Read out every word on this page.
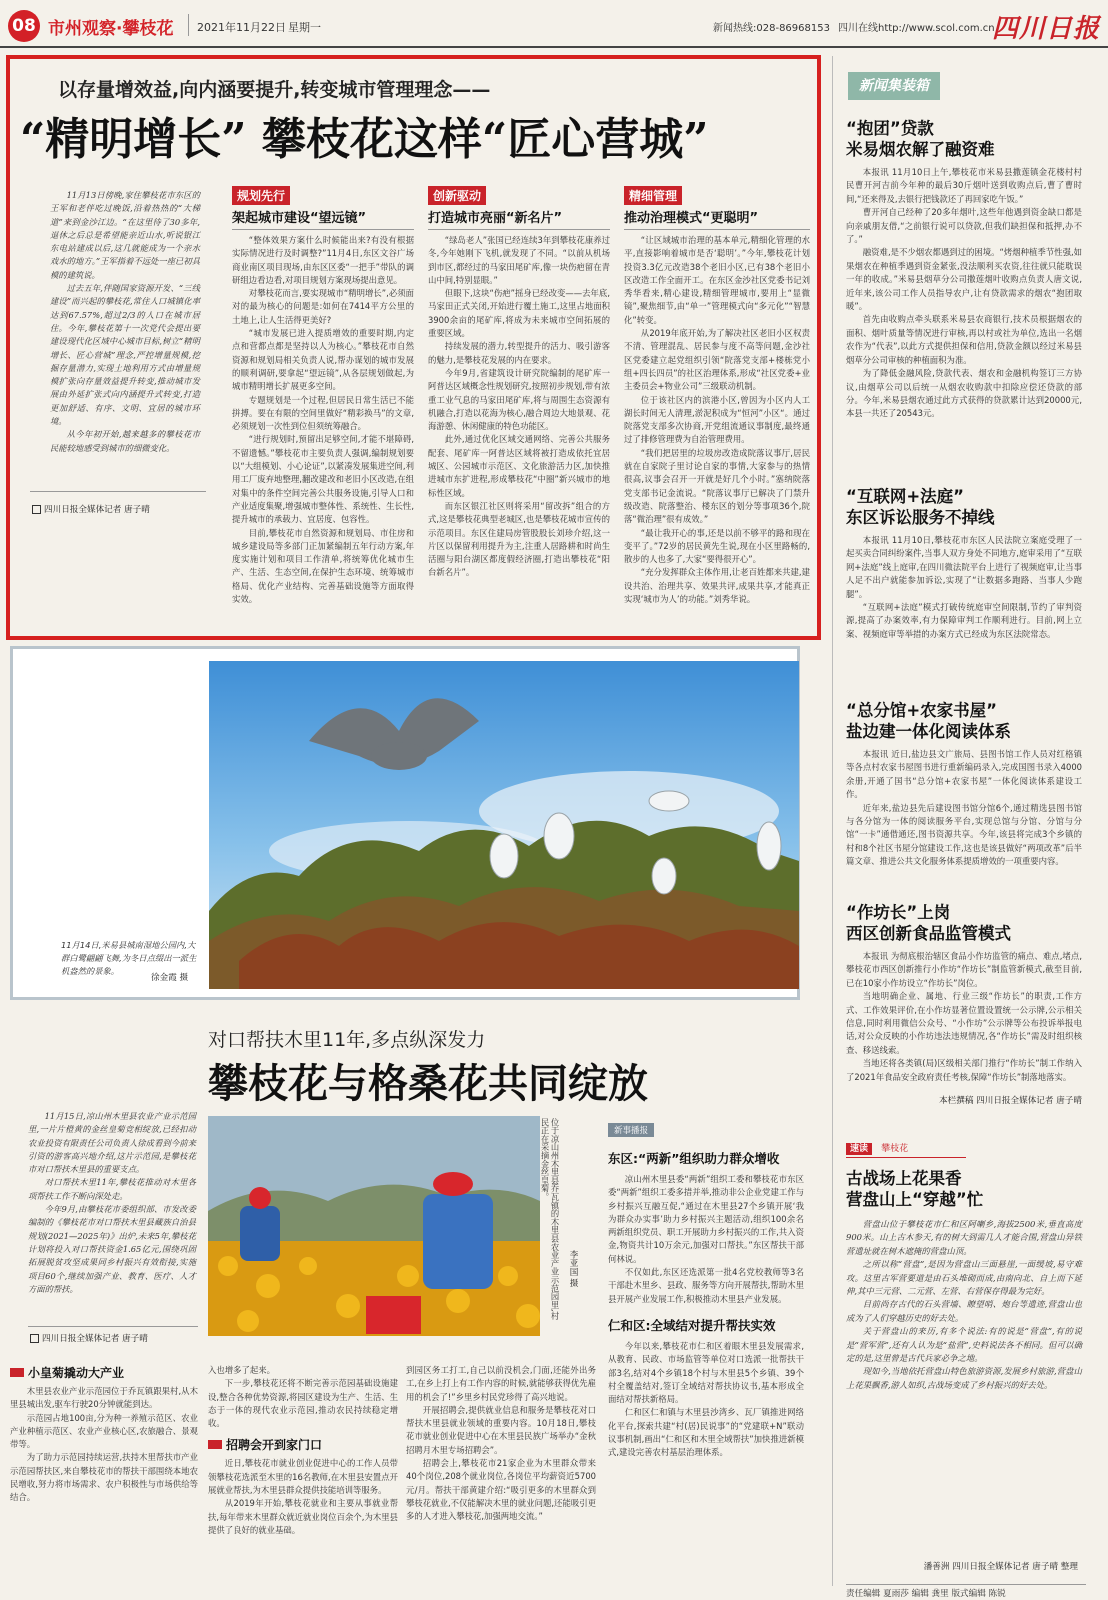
08 市州观察·攀枝花 2021年11月22日 星期一	新闻热线:028-86968153 四川在线http://www.scol.com.cn
四川日报
以存量增效益,向内涵要提升,转变城市管理理念——
“精明增长” 攀枝花这样“匠心营城”

11月13日傍晚,家住攀枝花市东区的王军和老伴吃过晚饭,沿着热热的“大梯道”来到金沙江边。“在这里待了30多年,退休之后总是希望能亲近山水,听说银江东电站建成以后,这几就能成为一个亲水戏水的地方。”王军指着不远处一座已初具模的建筑说。

过去五年,伴随国家资源开发、“三线建设”而兴起的攀枝花,常住人口城镇化率达到67.57%,超过2/3的人口在城市居住。今年,攀枝花第十一次党代会提出要建设现代化区域中心城市目标,树立“精明增长、匠心营城”理念,严控增量规模,挖掘存量潜力,实现土地利用方式由增量规模扩张向存量效益提升转变,推动城市发展由外延扩张式向内涵提升式转变,打造更加舒适、有序、文明、宜居的城市环境。

从今年初开始,越来越多的攀枝花市民能较地感受到城市的细微变化。

四川日报全媒体记者 唐子晴
规划先行
架起城市建设“望远镜”

“整体效果方案什么时候能出来?有没有根据实际情况进行及时调整?”11月4日,东区文谷广场商业南区项目现场,由东区区委“一把手”带队的调研组边看边看,对项目规划方案现场提出意见。

对攀枝花而言,要实现城市“精明增长”,必须面对的最为核心的问题是:如何在7414平方公里的土地上,让人生活得更美好?

“城市发展已进入提质增效的重要时期,内定点和营都点都是坚持以人为核心。”攀枝花市自然资源和规划局相关负责人说,帮办谋划的城市发展的顺利调研,要拿起“望远镜”,从各层规划做起,为城市精明增长扩展更多空间。

专题规划是一个过程,但居民日常生活已不能拼搏。要在有限的空间里做好“精彩换马”的文章,必须规划一次性到位但须统筹融合。

“进行规划时,预留出足够空间,才能不堪障碍,不留遗憾。”攀枝花市主要负责人强调,编制规划要以“大组模划、小心论证”,以紧凑发展集进空间,利用工厂废弃地整理,翻改建改和老旧小区改造,在组对集中的条件空间完善公共服务设施,引导人口和产业适度集聚,增强城市整体性、系统性、生长性,提升城市的承载力、宜居度、包容性。

目前,攀枝花市自然资源和规划局、市住房和城乡建设局等多部门正加紧编制五年行动方案,年度实施计划和项目工作清单,将统筹优化城市生产、生活、生态空间,在保护生态环境、统筹城市格局、优化产业结构、完善基础设施等方面取得实效。

创新驱动
打造城市亮丽“新名片”

“绿岛老人”张国已经连续3年到攀枝花康养过冬,今年她刚下飞机,就发现了不同。“以前从机场到市区,都经过的马家田尾矿库,像一块伤疤留在青山中间,特别显眼。”

但眼下,这块“伤疤”摇身已经改变——去年底,马家田正式关闭,开始进行覆土施工,这里占地面积3900余亩的尾矿库,将成为未来城市空间拓展的重要区域。

持续发展的潜力,转型提升的活力、吸引游客的魅力,是攀枝花发展的内在要求。

今年9月,省建筑设计研究院编制的尾矿库一阿普达区域概念性规划研究,按照初步规划,带有浓重工业气息的马家田尾矿库,将与周围生态资源有机融合,打造以花海为核心,融合周边大地景观、花海游憩、休闲健康的特色功能区。

此外,通过优化区域交通网络、完善公共服务配套、尾矿库一阿普达区域将被打造成依托宜居城区、公园城市示范区、文化旅游活力区,加快推进城市东扩进程,形成攀枝花“中圈”新兴城市的地标性区域。

而东区银江社区则将采用“留改拆”组合的方式,这是攀枝花典型老城区,也是攀枝花城市宣传的示范项目。东区住建局房管股股长刘珍介绍,这一片区以保留利用提升为主,注重人居路耕和时尚生活圈与阳台湖区都度假经济圈,打造出攀枝花“阳台新名片”。

精细管理
推动治理模式“更聪明”

“让区域城市治理的基本单元,精细化管理的水平,直接影响着城市是否‘聪明’。”今年,攀枝花计划投资3.3亿元改造38个老旧小区,已有38个老旧小区改造工作全面开工。在东区金沙社区党委书记刘秀华看来,精心建设,精细管理城市,要用上“显微镜”,聚焦细节,由“单一”管理模式向“多元化”“智慧化”转变。

从2019年底开始,为了解决社区老旧小区权责不清、管理混乱、居民参与度不高等问题,金沙社区党委建立起党组织引领“院落党支部+楼栋党小组+四长四员”的社区治理体系,形成“社区党委+业主委员会+物业公司”三级联动机制。

位于该社区内的滨港小区,曾因为小区内人工湖长时间无人清理,淤泥积成为“恒河”小区“。通过院落党支部多次协商,开党组流通议事制度,最终通过了排修管理费为自治管理费用。

“我们把居里的垃圾房改造成院落议事厅,居民就在自家院子里讨论自家的事情,大家参与的热情很高,议事会召开一开就是好几个小时。”塞纳院落党支部书记金流说。“院落议事厅已解决了门禁升级改造、院落整治、楼东区的划分等事项36个,院落“微治理”很有成效。”

“最让我开心的事,还是以前不够平的路和现在变平了。”72岁的居民黄先生说,现在小区里路畅的,散步的人也多了,大家“要得很开心”。

“充分发挥群众主体作用,让老百姓都来共建,建设共治、治理共享、效果共评,成果共享,才能真正实现‘城市为人’的功能。”刘秀华说。

11月14日,米易县城南湿地公园内,大群白鹭翩翩飞舞,为冬日点缀出一派生机盎然的景象。
徐金霞 摄
对口帮扶木里11年,多点纵深发力
攀枝花与格桑花共同绽放

11月15日,凉山州木里县农业产业示范园里,一片片橙黄的金丝皇菊竞相绽放,已经扣动农业投资有限责任公司负责人徐成看到今前来引资的游客高兴地介绍,这片示范园,是攀枝花市对口帮扶木里县的重要支点。

对口帮扶木里11年,攀枝花推动对木里各项帮扶工作不断向深处走。

今年9月,由攀枝花市委组织部、市发改委编制的《攀枝花市对口帮扶木里县藏族自治县规划(2021—2025年)》出炉,未来5年,攀枝花计划将投入对口帮扶资金1.65亿元,围绕巩固拓展脱贫攻坚成果同乡村振兴有效衔接,实施项目60个,继续加强产业、教育、医疗、人才方面的帮扶。

四川日报全媒体记者 唐子晴
位于凉山州木里县乔瓦镇的木里县农业产业示范园里,村民正在采摘金丝皇菊。
李亚国 摄
小皇菊撬动大产业

木里县农业产业示范园位于乔瓦镇跟果村,从木里县城出发,驱车行驶20分钟就能到达。

示范园占地100亩,分为种一养殖示范区、农业产业种植示范区、农业产业核心区,农旅融合、景观带等。

为了助力示范园持续运营,扶持木里帮扶市产业示范园帮扶区,来自攀枝花市的帮扶干部围绕本地农民增收,努力将市场需求、农户积极性与市场供给等结合。

入也增多了起来。

下一步,攀枝花还将不断完善示范园基础设施建设,整合各种优势资源,将园区建设为生产、生活、生态于一体的现代农业示范园,推动农民持续稳定增收。

招聘会开到家门口

近日,攀枝花市就业创业促进中心的工作人员带领攀枝花选派至木里的16名教师,在木里县安置点开展就业帮扶,为木里县群众提供技能培训等服务。

从2019年开始,攀枝花就业和主要从事就业帮扶,每年带来木里群众就近就业岗位百余个,为木里县提供了良好的就业基础。

到园区务工打工,自己以前没机会,门面,还能外出务工,在乡上打上有工作内容的时候,就能够获得优先雇用的机会了!”乡里乡村民党珍得了高兴地说。

开展招聘会,提供就业信息和服务是攀枝花对口帮扶木里县就业领域的重要内容。10月18日,攀枝花市就业创业促进中心在木里县民族广场举办“金秋招聘月木里专场招聘会”。

招聘会上,攀枝花市21家企业为木里群众带来40个岗位,208个就业岗位,各岗位平均薪资近5700元/月。帮扶干部黄建介绍:“吸引更多的木里群众到攀枝花就业,不仅能解决木里的就业问题,还能吸引更多的人才进入攀枝花,加强两地交流。”

新事播报
东区:“两新”组织助力群众增收

凉山州木里县委“两新”组织工委和攀枝花市东区委“两新”组织工委多措并举,推动非公企业党建工作与乡村振兴互融互促,“通过在木里县27个乡镇开展‘我为群众办实事’助力乡村振兴主题活动,组织100余名两新组织党员、职工开展助力乡村振兴的工作,共入资金,物资共计10万余元,加强对口帮扶。”东区帮扶干部何林说。

不仅如此,东区还选派第一批4名党校教师等3名干部赴木里乡、县政、服务等方向开展帮扶,帮助木里县开展产业发展工作,积极推动木里县产业发展。

仁和区:全域结对提升帮扶实效

今年以来,攀枝花市仁和区着眼木里县发展需求,从教育、民政、市场监管等单位对口选派一批帮扶干部3名,结对4个乡镇18个村与木里县5个乡镇、39个村全覆盖结对,签订全域结对帮扶协议书,基本形成全面结对帮扶新格局。

仁和区仁和镇与木里县沙湾乡、瓦厂镇推进网络化平台,探索共建“村(居)民说事”的“党建联+N”联动议事机制,画出“仁和区和木里全域帮扶”加快推进新模式,建设完善农村基层治理体系。

新闻集装箱
“抱团”贷款
米易烟农解了融资难

本报讯 11月10日上午,攀枝花市米易县撒莲镇金花楼村村民曹开河吉前今年种的最后30斤烟叶送到收购点后,曹了曹时间,“还来得及,去银行把钱款还了再回家吃午饭。”

曹开河自己经种了20多年烟叶,这些年他遇到资金缺口都是向亲戚朋友借,“之前银行说可以贷款,但我们缺担保和抵押,办不了。”

融资难,是不少烟农都遇到过的困境。“烤烟种植季节性强,如果烟农在种植季遇到资金紧张,没法顺利买农资,往往就只能耽误一年的收成。”米易县烟草分公司撒莲烟叶收购点负责人唐文说,近年来,该公司工作人员指导农户,让有贷款需求的烟农“抱团取暖”。

首先由收购点牵头联系米易县农商银行,技术员根据烟农的面积、烟叶质量等情况进行审核,再以村或社为单位,选出一名烟农作为“代表”,以此方式提供担保和信用,贷款金额以经过米易县烟草分公司审核的种植面积为准。

为了降低金融风险,贷款代表、烟农和金融机构签订三方协议,由烟草公司以后统一从烟农收购款中扣除应偿还贷款的部分。今年,米易县烟农通过此方式获得的贷款累计达到20000元,本县一共还了20543元。

“互联网+法庭”
东区诉讼服务不掉线

本报讯 11月10日,攀枝花市东区人民法院立案庭受理了一起买卖合同纠纷案件,当事人双方身处不同地方,庭审采用了“互联网+法庭”线上庭审,在四川微法院平台上进行了视频庭审,让当事人足不出户就能参加诉讼,实现了“让数据多跑路、当事人少跑腿”。

“互联网+法庭”模式打破传统庭审空间限制,节约了审判资源,提高了办案效率,有力保障审判工作顺利进行。目前,网上立案、视频庭审等举措的办案方式已经成为东区法院常态。

“总分馆+农家书屋”
盐边建一体化阅读体系

本报讯 近日,盐边县文广旅局、县图书馆工作人员对红格镇等各点村农家书屋图书进行重新编码录入,完成国图书录入4000余册,开通了国书“总分馆+农家书屋”一体化阅读体系建设工作。

近年来,盐边县先后建设图书馆分馆6个,通过精选县图书馆与各分馆为一体的阅读服务平台,实现总馆与分馆、分馆与分馆“一卡”通借通还,图书资源共享。今年,该县将完成3个乡镇的村和8个社区书屋分馆建设工作,这也是该县做好“两项改革”后半篇文章、推进公共文化服务体系提质增效的一项重要内容。

“作坊长”上岗
西区创新食品监管模式

本报讯 为彻底根治辖区食品小作坊监管的痛点、难点,堵点,攀枝花市西区创新推行小作坊“作坊长”制监管新模式,截至目前,已在10家小作坊设立“作坊长”岗位。

当地明确企业、属地、行业三级“作坊长”的职责,工作方式、工作效果评价,在小作坊显著位置设置统一公示牌,公示相关信息,同时利用微信公众号、“小作坊”公示牌等公布投诉举报电话,对公众反映的小作坊违法违规情况,各“作坊长”需及时组织核查、移送线索。

当地还将各类镇(局)区级相关部门推行“作坊长”制工作纳入了2021年食品安全政府责任考核,保障“作坊长”制落地落实。

本栏撰稿 四川日报全媒体记者 唐子晴
速读 攀枝花
古战场上花果香
营盘山上“穿越”忙

营盘山位于攀枝花市仁和区阿喇乡,海拔2500米,垂直高度900米。山上古木参天,有的树大到需几人才能合围,营盘山异铁营遗址就在树木遮掩的营盘山顶。

之所以称“营盘”,是因为营盘山三面悬崖,一面缓坡,易守难攻。这里古军营要道是由石头堆砌而成,由南向北、自上而下延伸,其中三元营、二元营、左营、右营保存得最为完好。

目前尚存古代的石头营墙、瞭望哨、炮台等遗迹,营盘山也成为了人们穿越历史的好去处。

关于营盘山的来历,有多个说法:有的说是“营盘”,有的说是“营军营”,还有人认为是“盐营”,史料说法各不相同。但可以确定的是,这里曾是古代兵家必争之地。

现如今,当地依托营盘山特色旅游资源,发展乡村旅游,营盘山上花果飘香,游人如织,古战场变成了乡村振兴的好去处。

潘善洲 四川日报全媒体记者 唐子晴 整理
责任编辑 夏雨莎 编辑 龚里 版式编辑 陈锐
